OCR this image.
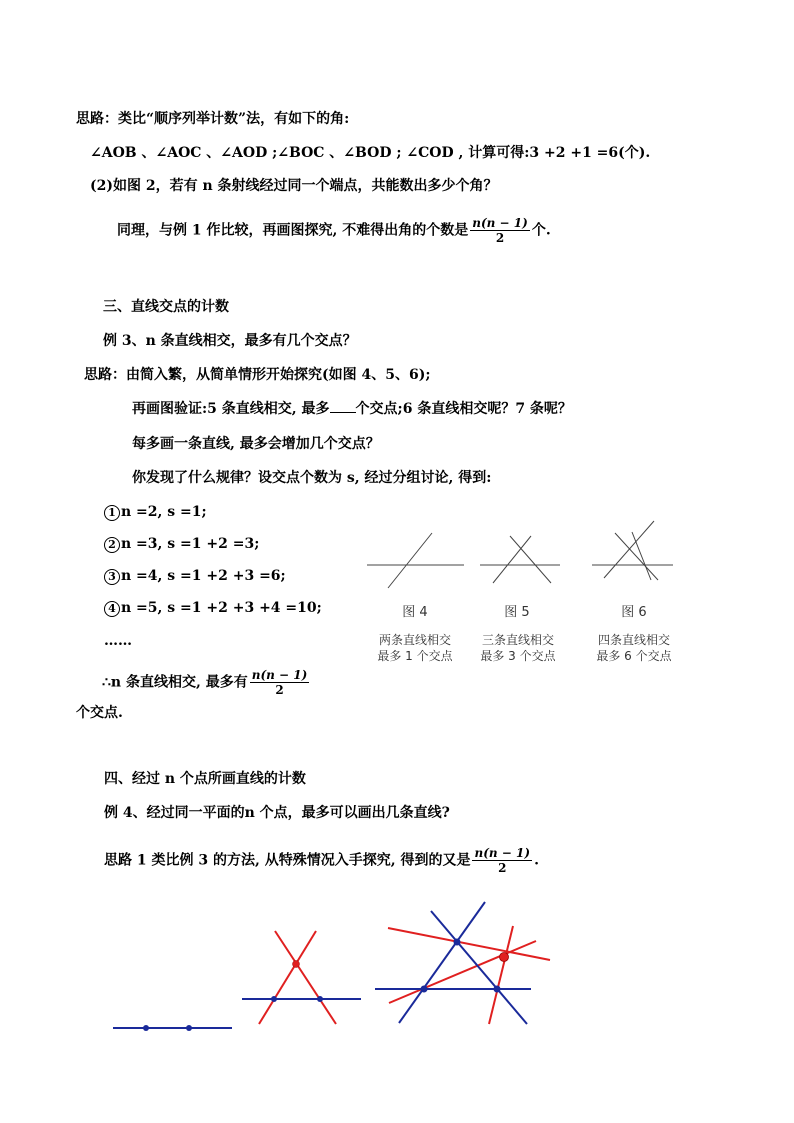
思路：类比“顺序列举计数”法，有如下的角:
∠AOB 、∠AOC 、∠AOD ;∠BOC 、∠BOD ; ∠COD , 计算可得:3 +2 +1 =6(个).
(2)如图 2，若有 n 条射线经过同一个端点，共能数出多少个角？
同理，与例 1 作比较，再画图探究, 不难得出角的个数是 $\frac{n(n - 1)}{2}$ 个.
三、直线交点的计数
例 3、n 条直线相交，最多有几个交点？
思路：由简入繁，从简单情形开始探究(如图 4、5、6);
再画图验证:5 条直线相交, 最多 个交点;6 条直线相交呢？7 条呢？
每多画一条直线, 最多会增加几个交点？
你发现了什么规律？设交点个数为 s, 经过分组讨论, 得到:
1 n =2, s =1;
2 n =3, s =1 +2 =3;
3 n =4, s =1 +2 +3 =6;
4 n =5, s =1 +2 +3 +4 =10;
……
∴n 条直线相交, 最多有 $\frac{n(n - 1)}{2}$
个交点.
图 4	图 5	图 6
两条直线相交
最多 1 个交点
三条直线相交
最多 3 个交点
四条直线相交
最多 6 个交点
四、经过 n 个点所画直线的计数
例 4、经过同一平面的n 个点，最多可以画出几条直线?
思路 1 类比例 3 的方法, 从特殊情况入手探究, 得到的又是 $\frac{n(n - 1)}{2}$ .
